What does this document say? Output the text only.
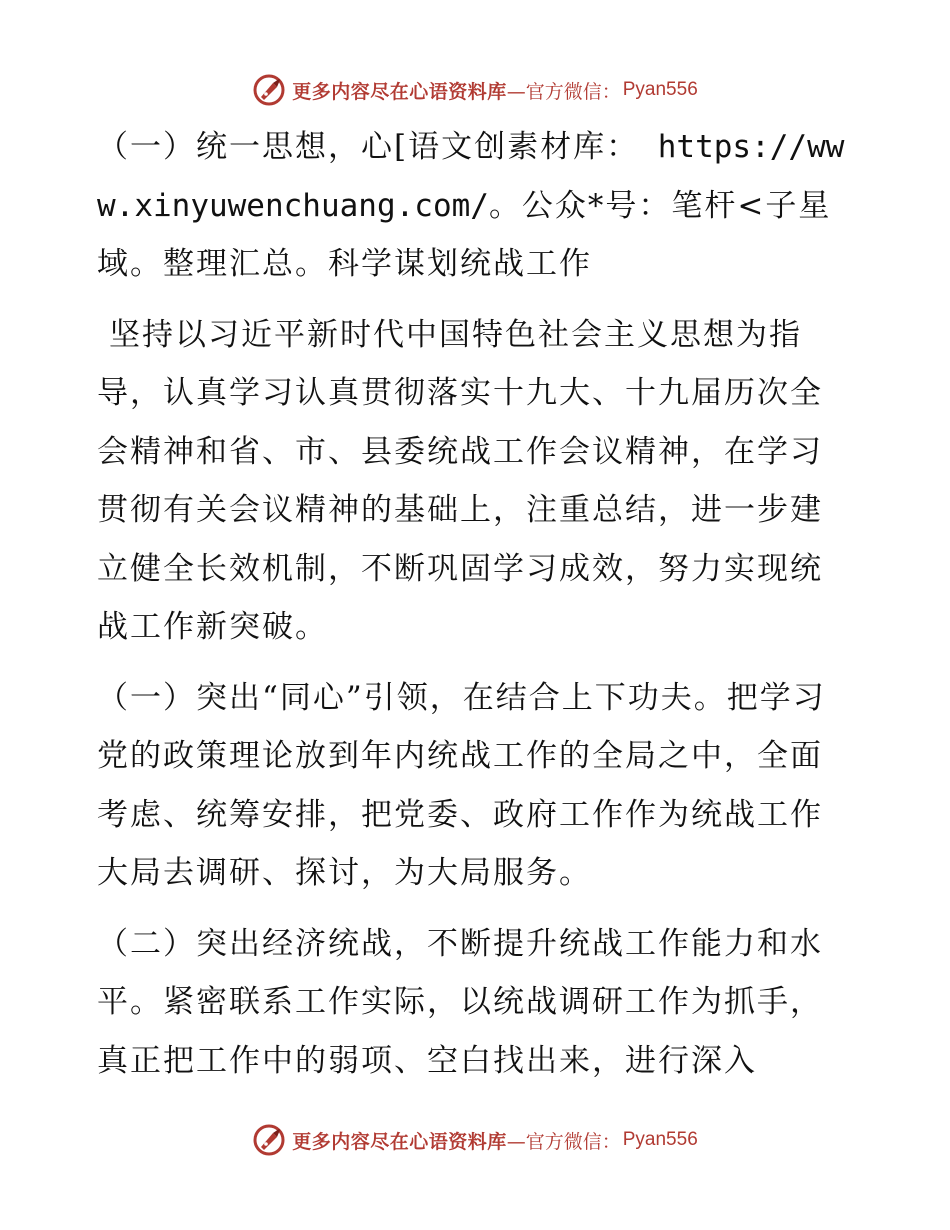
更多内容尽在心语资料库 —官方微信： Pyan556

（一）统一思想，心[语文创素材库： https://www.xinyuwenchuang.com/。公众*号：笔杆<子星域。整理汇总。科学谋划统战工作

坚持以习近平新时代中国特色社会主义思想为指导，认真学习认真贯彻落实十九大、十九届历次全会精神和省、市、县委统战工作会议精神，在学习贯彻有关会议精神的基础上，注重总结，进一步建立健全长效机制，不断巩固学习成效，努力实现统战工作新突破。

（一）突出“同心”引领，在结合上下功夫。把学习党的政策理论放到年内统战工作的全局之中，全面考虑、统筹安排，把党委、政府工作作为统战工作大局去调研、探讨，为大局服务。

（二）突出经济统战，不断提升统战工作能力和水平。紧密联系工作实际，以统战调研工作为抓手，真正把工作中的弱项、空白找出来，进行深入

更多内容尽在心语资料库 —官方微信： Pyan556
